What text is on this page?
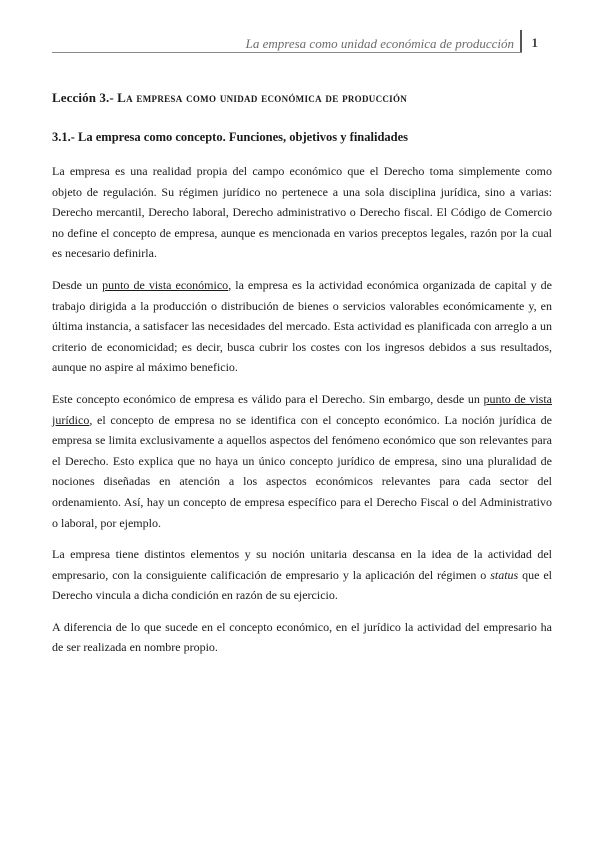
La empresa como unidad económica de producción 1
Lección 3.- La empresa como unidad económica de producción
3.1.- La empresa como concepto. Funciones, objetivos y finalidades

La empresa es una realidad propia del campo económico que el Derecho toma simplemente como objeto de regulación. Su régimen jurídico no pertenece a una sola disciplina jurídica, sino a varias: Derecho mercantil, Derecho laboral, Derecho administrativo o Derecho fiscal. El Código de Comercio no define el concepto de empresa, aunque es mencionada en varios preceptos legales, razón por la cual es necesario definirla.

Desde un punto de vista económico, la empresa es la actividad económica organizada de capital y de trabajo dirigida a la producción o distribución de bienes o servicios valorables económicamente y, en última instancia, a satisfacer las necesidades del mercado. Esta actividad es planificada con arreglo a un criterio de economicidad; es decir, busca cubrir los costes con los ingresos debidos a sus resultados, aunque no aspire al máximo beneficio.

Este concepto económico de empresa es válido para el Derecho. Sin embargo, desde un punto de vista jurídico, el concepto de empresa no se identifica con el concepto económico. La noción jurídica de empresa se limita exclusivamente a aquellos aspectos del fenómeno económico que son relevantes para el Derecho. Esto explica que no haya un único concepto jurídico de empresa, sino una pluralidad de nociones diseñadas en atención a los aspectos económicos relevantes para cada sector del ordenamiento. Así, hay un concepto de empresa específico para el Derecho Fiscal o del Administrativo o laboral, por ejemplo.

La empresa tiene distintos elementos y su noción unitaria descansa en la idea de la actividad del empresario, con la consiguiente calificación de empresario y la aplicación del régimen o status que el Derecho vincula a dicha condición en razón de su ejercicio.

A diferencia de lo que sucede en el concepto económico, en el jurídico la actividad del empresario ha de ser realizada en nombre propio.
